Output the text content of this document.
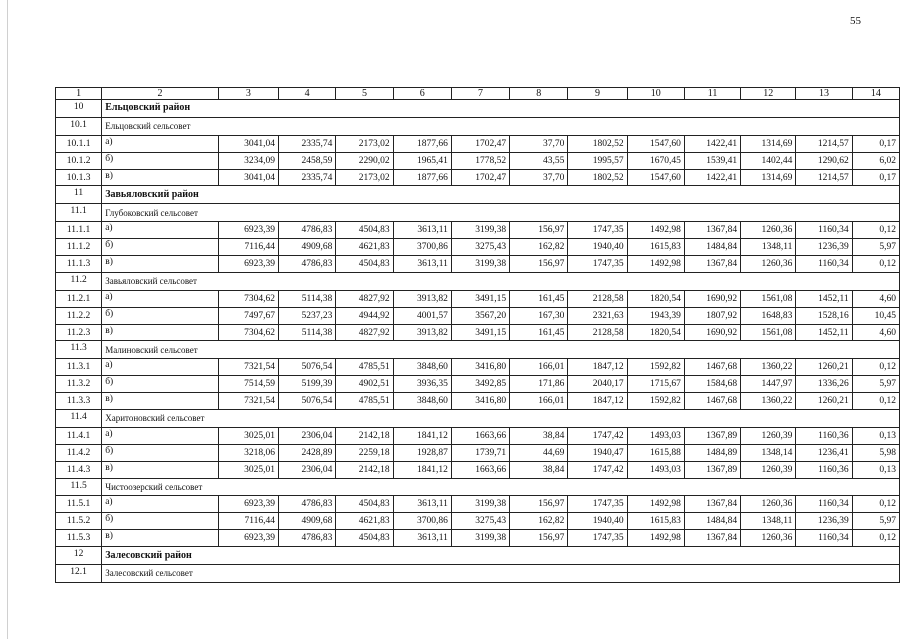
55
1	2	3	4	5	6	7	8	9	10	11	12	13	14
10	Ельцовский район												
10.1	Ельцовский сельсовет												
10.1.1	а)	3041,04	2335,74	2173,02	1877,66	1702,47	37,70	1802,52	1547,60	1422,41	1314,69	1214,57	0,17
10.1.2	б)	3234,09	2458,59	2290,02	1965,41	1778,52	43,55	1995,57	1670,45	1539,41	1402,44	1290,62	6,02
10.1.3	в)	3041,04	2335,74	2173,02	1877,66	1702,47	37,70	1802,52	1547,60	1422,41	1314,69	1214,57	0,17
11	Завьяловский район												
11.1	Глубоковский сельсовет												
11.1.1	а)	6923,39	4786,83	4504,83	3613,11	3199,38	156,97	1747,35	1492,98	1367,84	1260,36	1160,34	0,12
11.1.2	б)	7116,44	4909,68	4621,83	3700,86	3275,43	162,82	1940,40	1615,83	1484,84	1348,11	1236,39	5,97
11.1.3	в)	6923,39	4786,83	4504,83	3613,11	3199,38	156,97	1747,35	1492,98	1367,84	1260,36	1160,34	0,12
11.2	Завьяловский сельсовет												
11.2.1	а)	7304,62	5114,38	4827,92	3913,82	3491,15	161,45	2128,58	1820,54	1690,92	1561,08	1452,11	4,60
11.2.2	б)	7497,67	5237,23	4944,92	4001,57	3567,20	167,30	2321,63	1943,39	1807,92	1648,83	1528,16	10,45
11.2.3	в)	7304,62	5114,38	4827,92	3913,82	3491,15	161,45	2128,58	1820,54	1690,92	1561,08	1452,11	4,60
11.3	Малиновский сельсовет												
11.3.1	а)	7321,54	5076,54	4785,51	3848,60	3416,80	166,01	1847,12	1592,82	1467,68	1360,22	1260,21	0,12
11.3.2	б)	7514,59	5199,39	4902,51	3936,35	3492,85	171,86	2040,17	1715,67	1584,68	1447,97	1336,26	5,97
11.3.3	в)	7321,54	5076,54	4785,51	3848,60	3416,80	166,01	1847,12	1592,82	1467,68	1360,22	1260,21	0,12
11.4	Харитоновский сельсовет												
11.4.1	а)	3025,01	2306,04	2142,18	1841,12	1663,66	38,84	1747,42	1493,03	1367,89	1260,39	1160,36	0,13
11.4.2	б)	3218,06	2428,89	2259,18	1928,87	1739,71	44,69	1940,47	1615,88	1484,89	1348,14	1236,41	5,98
11.4.3	в)	3025,01	2306,04	2142,18	1841,12	1663,66	38,84	1747,42	1493,03	1367,89	1260,39	1160,36	0,13
11.5	Чистоозерский сельсовет												
11.5.1	а)	6923,39	4786,83	4504,83	3613,11	3199,38	156,97	1747,35	1492,98	1367,84	1260,36	1160,34	0,12
11.5.2	б)	7116,44	4909,68	4621,83	3700,86	3275,43	162,82	1940,40	1615,83	1484,84	1348,11	1236,39	5,97
11.5.3	в)	6923,39	4786,83	4504,83	3613,11	3199,38	156,97	1747,35	1492,98	1367,84	1260,36	1160,34	0,12
12	Залесовский район												
12.1	Залесовский сельсовет												
